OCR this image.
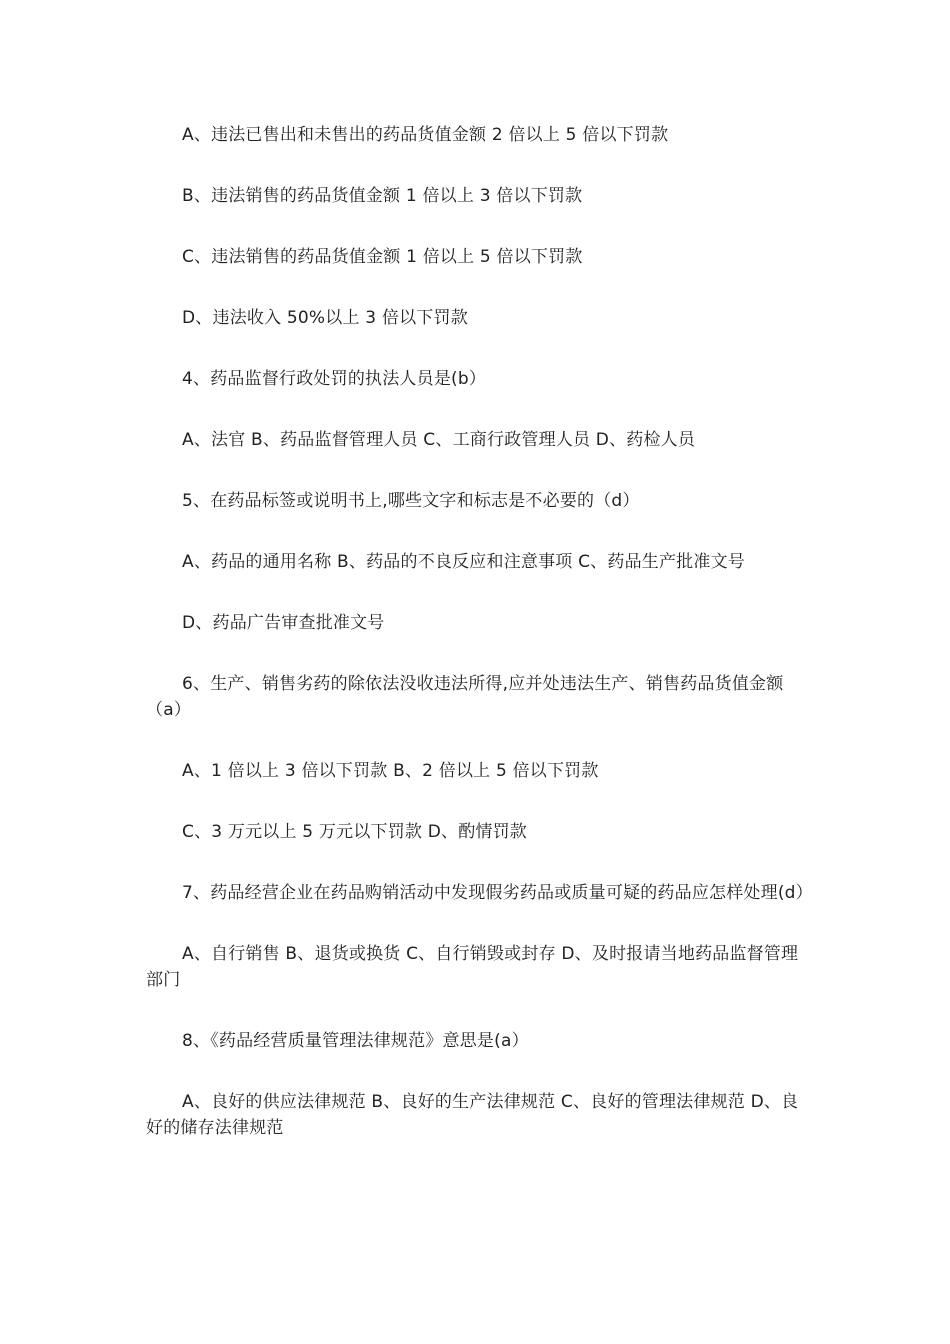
A、违法已售出和未售出的药品货值金额 2 倍以上 5 倍以下罚款

B、违法销售的药品货值金额 1 倍以上 3 倍以下罚款

C、违法销售的药品货值金额 1 倍以上 5 倍以下罚款

D、违法收入 50%以上 3 倍以下罚款

4、药品监督行政处罚的执法人员是(b）

A、法官 B、药品监督管理人员 C、工商行政管理人员 D、药检人员

5、在药品标签或说明书上,哪些文字和标志是不必要的（d）

A、药品的通用名称 B、药品的不良反应和注意事项 C、药品生产批准文号

D、药品广告审查批准文号

6、生产、销售劣药的除依法没收违法所得,应并处违法生产、销售药品货值金额（a）

A、1 倍以上 3 倍以下罚款 B、2 倍以上 5 倍以下罚款

C、3 万元以上 5 万元以下罚款 D、酌情罚款

7、药品经营企业在药品购销活动中发现假劣药品或质量可疑的药品应怎样处理(d）

A、自行销售 B、退货或换货 C、自行销毁或封存 D、及时报请当地药品监督管理部门

8、《药品经营质量管理法律规范》意思是(a）

A、良好的供应法律规范 B、良好的生产法律规范 C、良好的管理法律规范 D、良好的储存法律规范
